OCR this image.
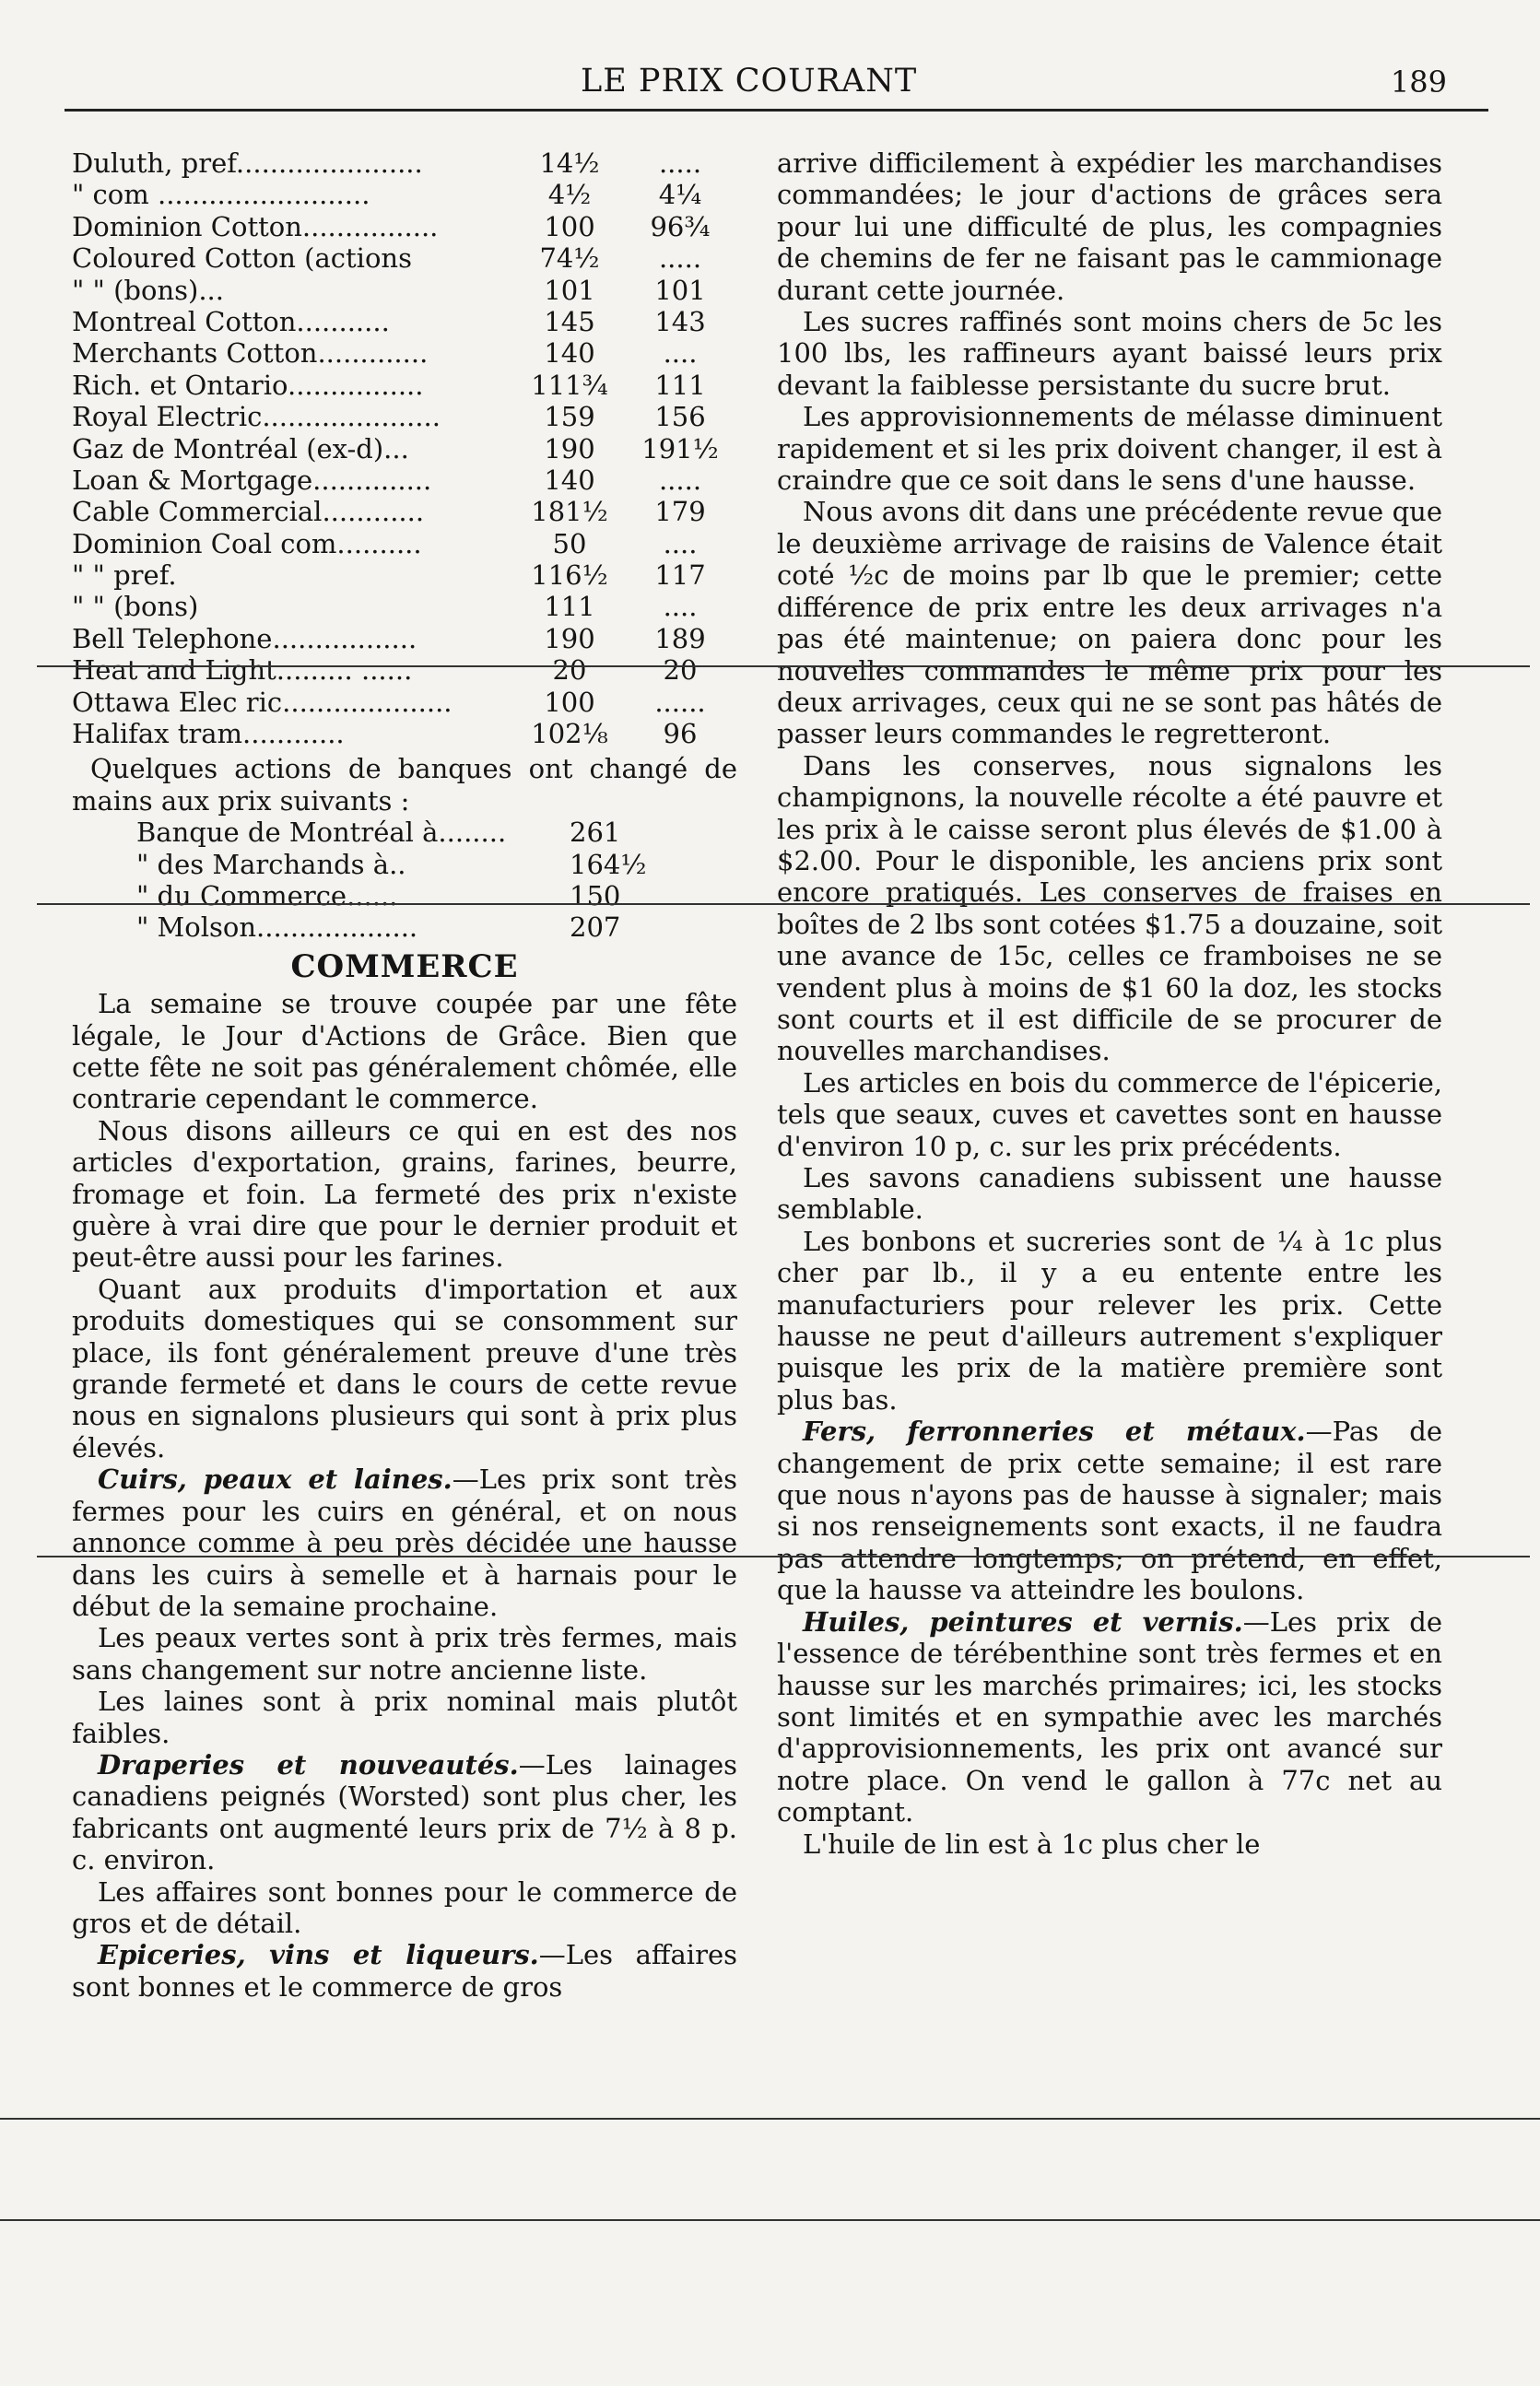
LE PRIX COURANT	189
Duluth, pref......................	14½	.....
" com .........................	4½	4¼
Dominion Cotton................	100	96¾
Coloured Cotton (actions	74½	.....
" " (bons)...	101	101
Montreal Cotton...........	145	143
Merchants Cotton.............	140	....
Rich. et Ontario................	111¾	111
Royal Electric.....................	159	156
Gaz de Montréal (ex-d)...	190	191½
Loan & Mortgage..............	140	.....
Cable Commercial............	181½	179
Dominion Coal com..........	50	....
" " pref.	116½	117
" " (bons)	111	....
Bell Telephone.................	190	189
Heat and Light......... ......	20	20
Ottawa Elec ric....................	100	......
Halifax tram............	102⅛	96

Quelques actions de banques ont changé de mains aux prix suivants :

Banque de Montréal à........	261
" des Marchands à..	164½
" du Commerce......	150
" Molson...................	207
COMMERCE

La semaine se trouve coupée par une fête légale, le Jour d'Actions de Grâce. Bien que cette fête ne soit pas généralement chômée, elle contrarie cependant le commerce.

Nous disons ailleurs ce qui en est des nos articles d'exportation, grains, farines, beurre, fromage et foin. La fermeté des prix n'existe guère à vrai dire que pour le dernier produit et peut-être aussi pour les farines.

Quant aux produits d'importation et aux produits domestiques qui se consomment sur place, ils font généralement preuve d'une très grande fermeté et dans le cours de cette revue nous en signalons plusieurs qui sont à prix plus élevés.

Cuirs, peaux et laines.—Les prix sont très fermes pour les cuirs en général, et on nous annonce comme à peu près décidée une hausse dans les cuirs à semelle et à harnais pour le début de la semaine prochaine.

Les peaux vertes sont à prix très fermes, mais sans changement sur notre ancienne liste.

Les laines sont à prix nominal mais plutôt faibles.

Draperies et nouveautés.—Les lainages canadiens peignés (Worsted) sont plus cher, les fabricants ont augmenté leurs prix de 7½ à 8 p. c. environ.

Les affaires sont bonnes pour le commerce de gros et de détail.

Epiceries, vins et liqueurs.—Les affaires sont bonnes et le commerce de gros

arrive difficilement à expédier les marchandises commandées; le jour d'actions de grâces sera pour lui une difficulté de plus, les compagnies de chemins de fer ne faisant pas le cammionage durant cette journée.

Les sucres raffinés sont moins chers de 5c les 100 lbs, les raffineurs ayant baissé leurs prix devant la faiblesse persistante du sucre brut.

Les approvisionnements de mélasse diminuent rapidement et si les prix doivent changer, il est à craindre que ce soit dans le sens d'une hausse.

Nous avons dit dans une précédente revue que le deuxième arrivage de raisins de Valence était coté ½c de moins par lb que le premier; cette différence de prix entre les deux arrivages n'a pas été maintenue; on paiera donc pour les nouvelles commandes le même prix pour les deux arrivages, ceux qui ne se sont pas hâtés de passer leurs commandes le regretteront.

Dans les conserves, nous signalons les champignons, la nouvelle récolte a été pauvre et les prix à le caisse seront plus élevés de $1.00 à $2.00. Pour le disponible, les anciens prix sont encore pratiqués. Les conserves de fraises en boîtes de 2 lbs sont cotées $1.75 a douzaine, soit une avance de 15c, celles ce framboises ne se vendent plus à moins de $1 60 la doz, les stocks sont courts et il est difficile de se procurer de nouvelles marchandises.

Les articles en bois du commerce de l'épicerie, tels que seaux, cuves et cavettes sont en hausse d'environ 10 p, c. sur les prix précédents.

Les savons canadiens subissent une hausse semblable.

Les bonbons et sucreries sont de ¼ à 1c plus cher par lb., il y a eu entente entre les manufacturiers pour relever les prix. Cette hausse ne peut d'ailleurs autrement s'expliquer puisque les prix de la matière première sont plus bas.

Fers, ferronneries et métaux.—Pas de changement de prix cette semaine; il est rare que nous n'ayons pas de hausse à signaler; mais si nos renseignements sont exacts, il ne faudra pas attendre longtemps; on prétend, en effet, que la hausse va atteindre les boulons.

Huiles, peintures et vernis.—Les prix de l'essence de térébenthine sont très fermes et en hausse sur les marchés primaires; ici, les stocks sont limités et en sympathie avec les marchés d'approvisionnements, les prix ont avancé sur notre place. On vend le gallon à 77c net au comptant.

L'huile de lin est à 1c plus cher le
